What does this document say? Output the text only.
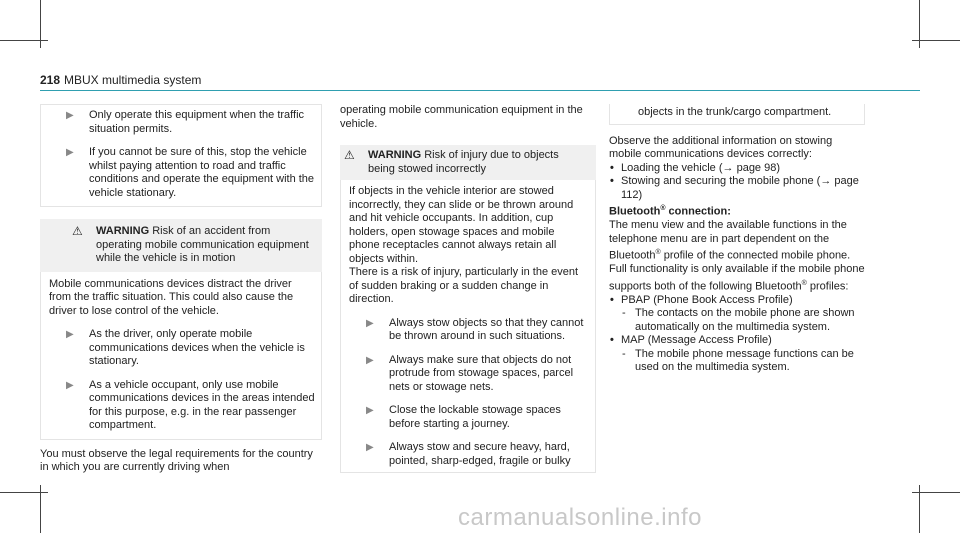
218 MBUX multimedia system
▶ Only operate this equipment when the traffic situation permits.
▶ If you cannot be sure of this, stop the vehicle whilst paying attention to road and traffic conditions and operate the equipment with the vehicle stationary.
⚠ WARNING Risk of an accident from operating mobile communication equipment while the vehicle is in motion
Mobile communications devices distract the driver from the traffic situation. This could also cause the driver to lose control of the vehicle.
▶ As the driver, only operate mobile communications devices when the vehicle is stationary.
▶ As a vehicle occupant, only use mobile communications devices in the areas intended for this purpose, e.g. in the rear passenger compartment.
You must observe the legal requirements for the country in which you are currently driving when
operating mobile communication equipment in the vehicle.
⚠ WARNING Risk of injury due to objects being stowed incorrectly
If objects in the vehicle interior are stowed incorrectly, they can slide or be thrown around and hit vehicle occupants. In addition, cup holders, open stowage spaces and mobile phone receptacles cannot always retain all objects within.
There is a risk of injury, particularly in the event of sudden braking or a sudden change in direction.
▶ Always stow objects so that they cannot be thrown around in such situations.
▶ Always make sure that objects do not protrude from stowage spaces, parcel nets or stowage nets.
▶ Close the lockable stowage spaces before starting a journey.
▶ Always stow and secure heavy, hard, pointed, sharp-edged, fragile or bulky
objects in the trunk/cargo compartment.
Observe the additional information on stowing mobile communications devices correctly:
• Loading the vehicle (→ page 98)
• Stowing and securing the mobile phone (→ page 112)
Bluetooth® connection:
The menu view and the available functions in the telephone menu are in part dependent on the Bluetooth® profile of the connected mobile phone. Full functionality is only available if the mobile phone supports both of the following Bluetooth® profiles:
• PBAP (Phone Book Access Profile)
- The contacts on the mobile phone are shown automatically on the multimedia system.
• MAP (Message Access Profile)
- The mobile phone message functions can be used on the multimedia system.
carmanualsonline.info
